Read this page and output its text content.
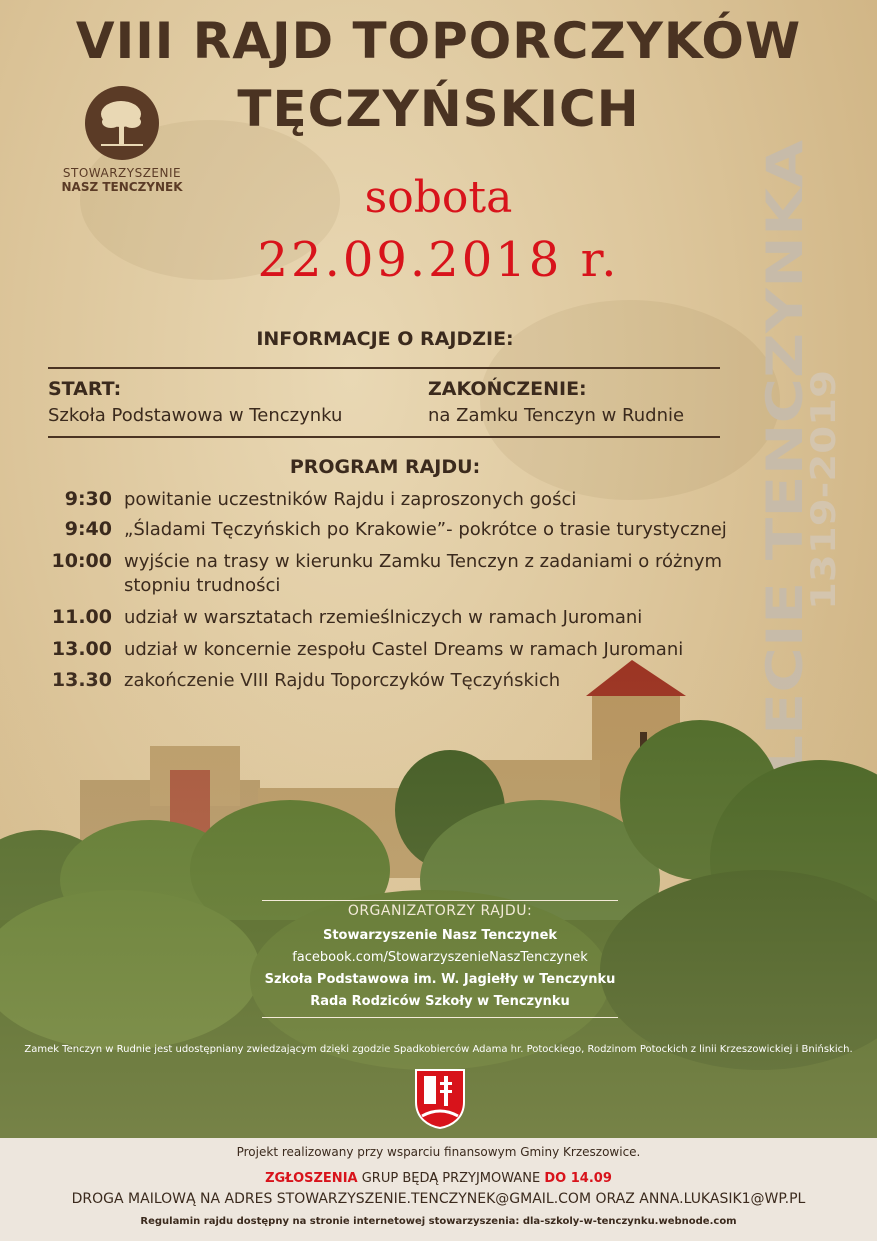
VIII RAJD TOPORCZYKÓW
TĘCZYŃSKICH
STOWARZYSZENIE
NASZ TENCZYNEK	sobota
22.09.2018 r.
1319-2019
INFORMACJE O RAJDZIE:
START:
Szkoła Podstawowa w Tenczynku
ZAKOŃCZENIE:
na Zamku Tenczyn w Rudnie
PROGRAM RAJDU:
9:30 powitanie uczestników Rajdu i zaproszonych gości
9:40 „Śladami Tęczyńskich po Krakowie”- pokrótce o trasie turystycznej
10:00 wyjście na trasy w kierunku Zamku Tenczyn z zadaniami o różnym stopniu trudności
11.00 udział w warsztatach rzemieślniczych w ramach Juromani
ORGANIZATORZY RAJDU:
Stowarzyszenie Nasz Tenczynek
facebook.com/StowarzyszenieNaszTenczynek
Szkoła Podstawowa im. W. Jagiełły w Tenczynku
Rada Rodziców Szkoły w Tenczynku
Zamek Tenczyn w Rudnie jest udostępniany zwiedzającym dzięki zgodzie Spadkobierców Adama hr. Potockiego, Rodzinom Potockich z linii Krzeszowickiej i Bnińskich.
Projekt realizowany przy wsparciu finansowym Gminy Krzeszowice.
ZGŁOSZENIA GRUP BĘDĄ PRZYJMOWANE DO 14.09
DROGA MAILOWĄ NA ADRES STOWARZYSZENIE.TENCZYNEK@GMAIL.COM ORAZ ANNA.LUKASIK1@WP.PL
Regulamin rajdu dostępny na stronie internetowej stowarzyszenia: dla-szkoly-w-tenczynku.webnode.com
